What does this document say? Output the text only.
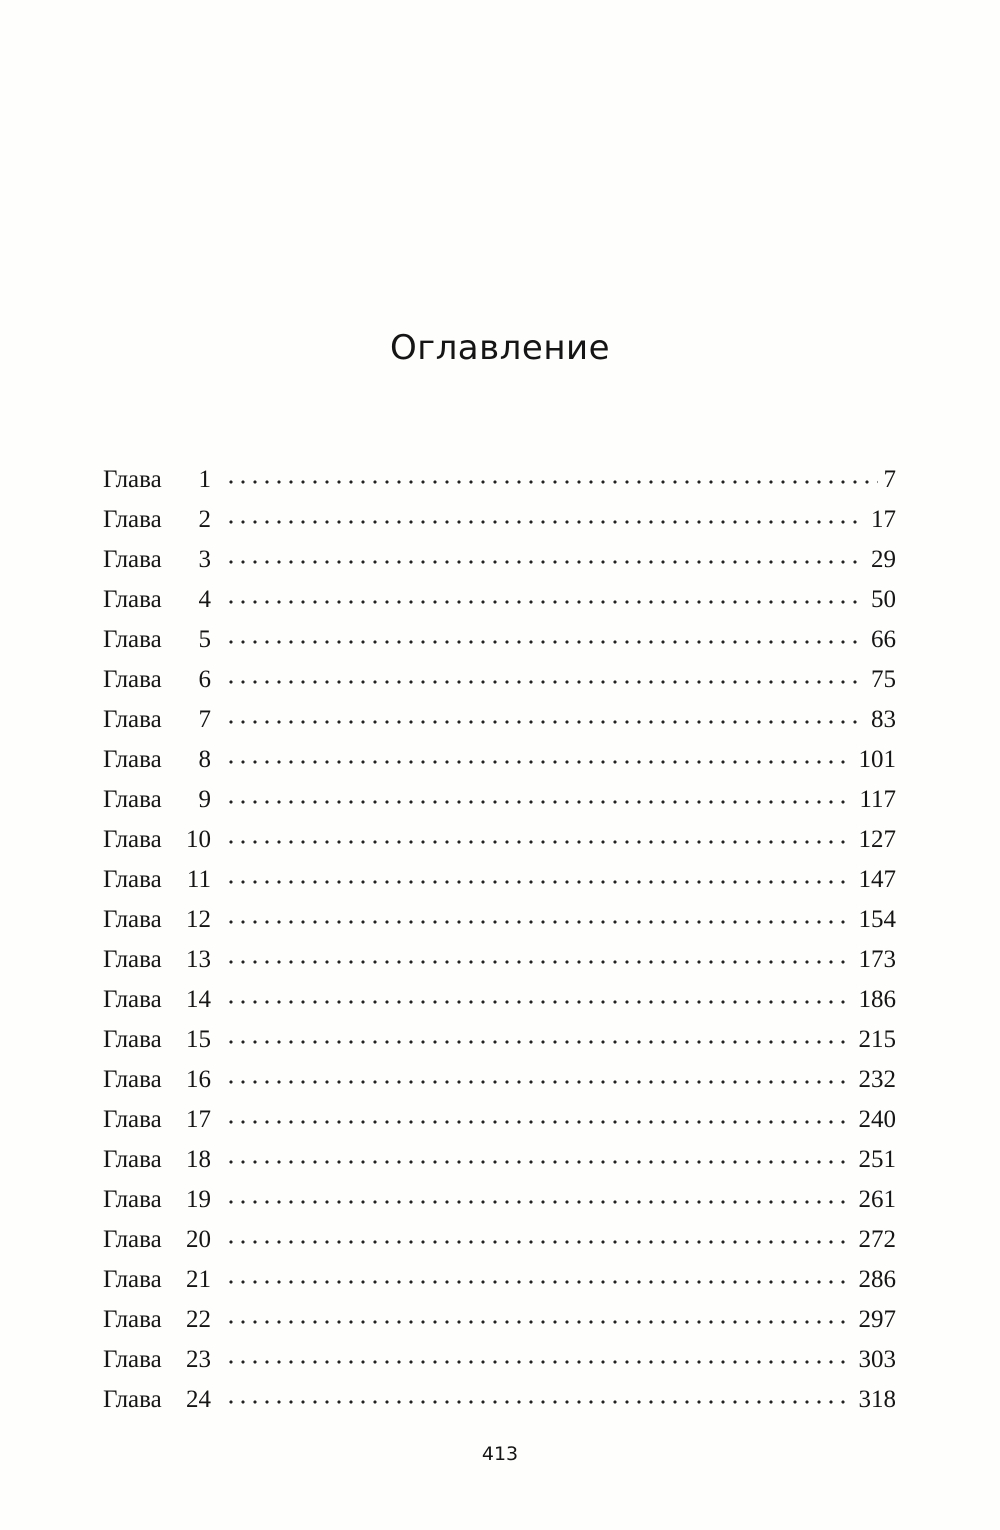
Оглавление
Глава	1	7
Глава	2	17
Глава	3	29
Глава	4	50
Глава	5	66
Глава	6	75
Глава	7	83
Глава	8	101
Глава	9	117
Глава 10	127
Глава	11	147
Глава 12	154
Глава 13	173
Глава 14	186
Глава 15	215
Глава 16	232
Глава 17	240
Глава 18	251
Глава 19	261
Глава 20	272
Глава 21	286
Глава 22	297
Глава 23	303
Глава 24	318
413
